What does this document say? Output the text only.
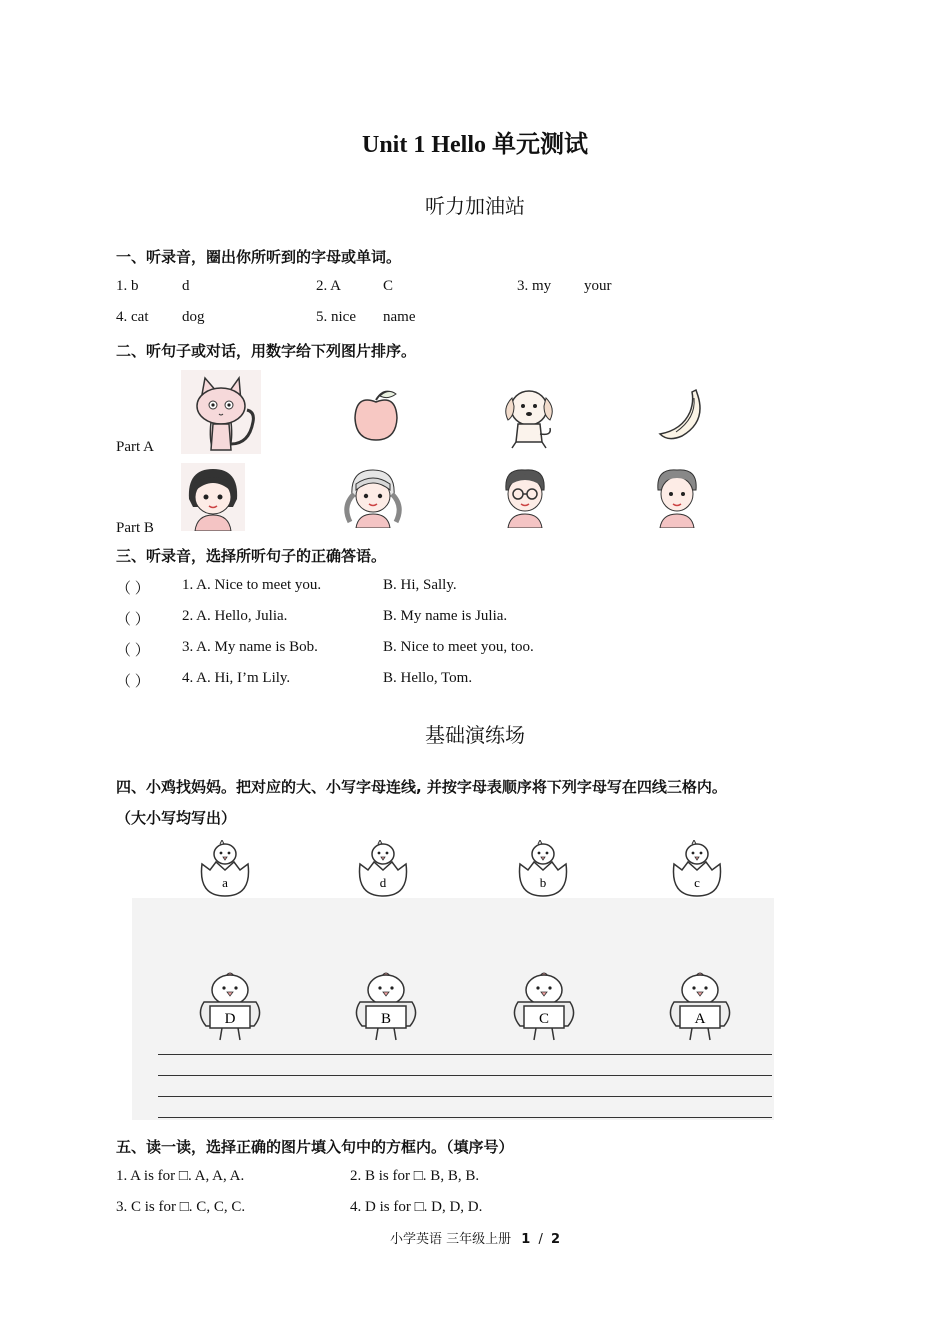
Unit 1 Hello 单元测试
听力加油站
一、听录音，圈出你所听到的字母或单词。
1. b	d	2. A	C	3. my your
4. cat dog	5. nice name
二、听句子或对话，用数字给下列图片排序。
Part A
Part B
三、听录音，选择所听句子的正确答语。
（ ） 1. A. Nice to meet you.	B. Hi, Sally.
（ ） 2. A. Hello, Julia.	B. My name is Julia.
（ ） 3. A. My name is Bob.	B. Nice to meet you, too.
（ ） 4. A. Hi, I’m Lily.	B. Hello, Tom.
基础演练场
四、小鸡找妈妈。把对应的大、小写字母连线, 并按字母表顺序将下列字母写在四线三格内。
（大小写均写出）
a	d	b	c
D	B	C	A
五、读一读，选择正确的图片填入句中的方框内。（填序号）
1. A is for □. A, A, A.	2. B is for □. B, B, B.
3. C is for □. C, C, C.	4. D is for □. D, D, D.
小学英语 三年级上册 1 / 2
